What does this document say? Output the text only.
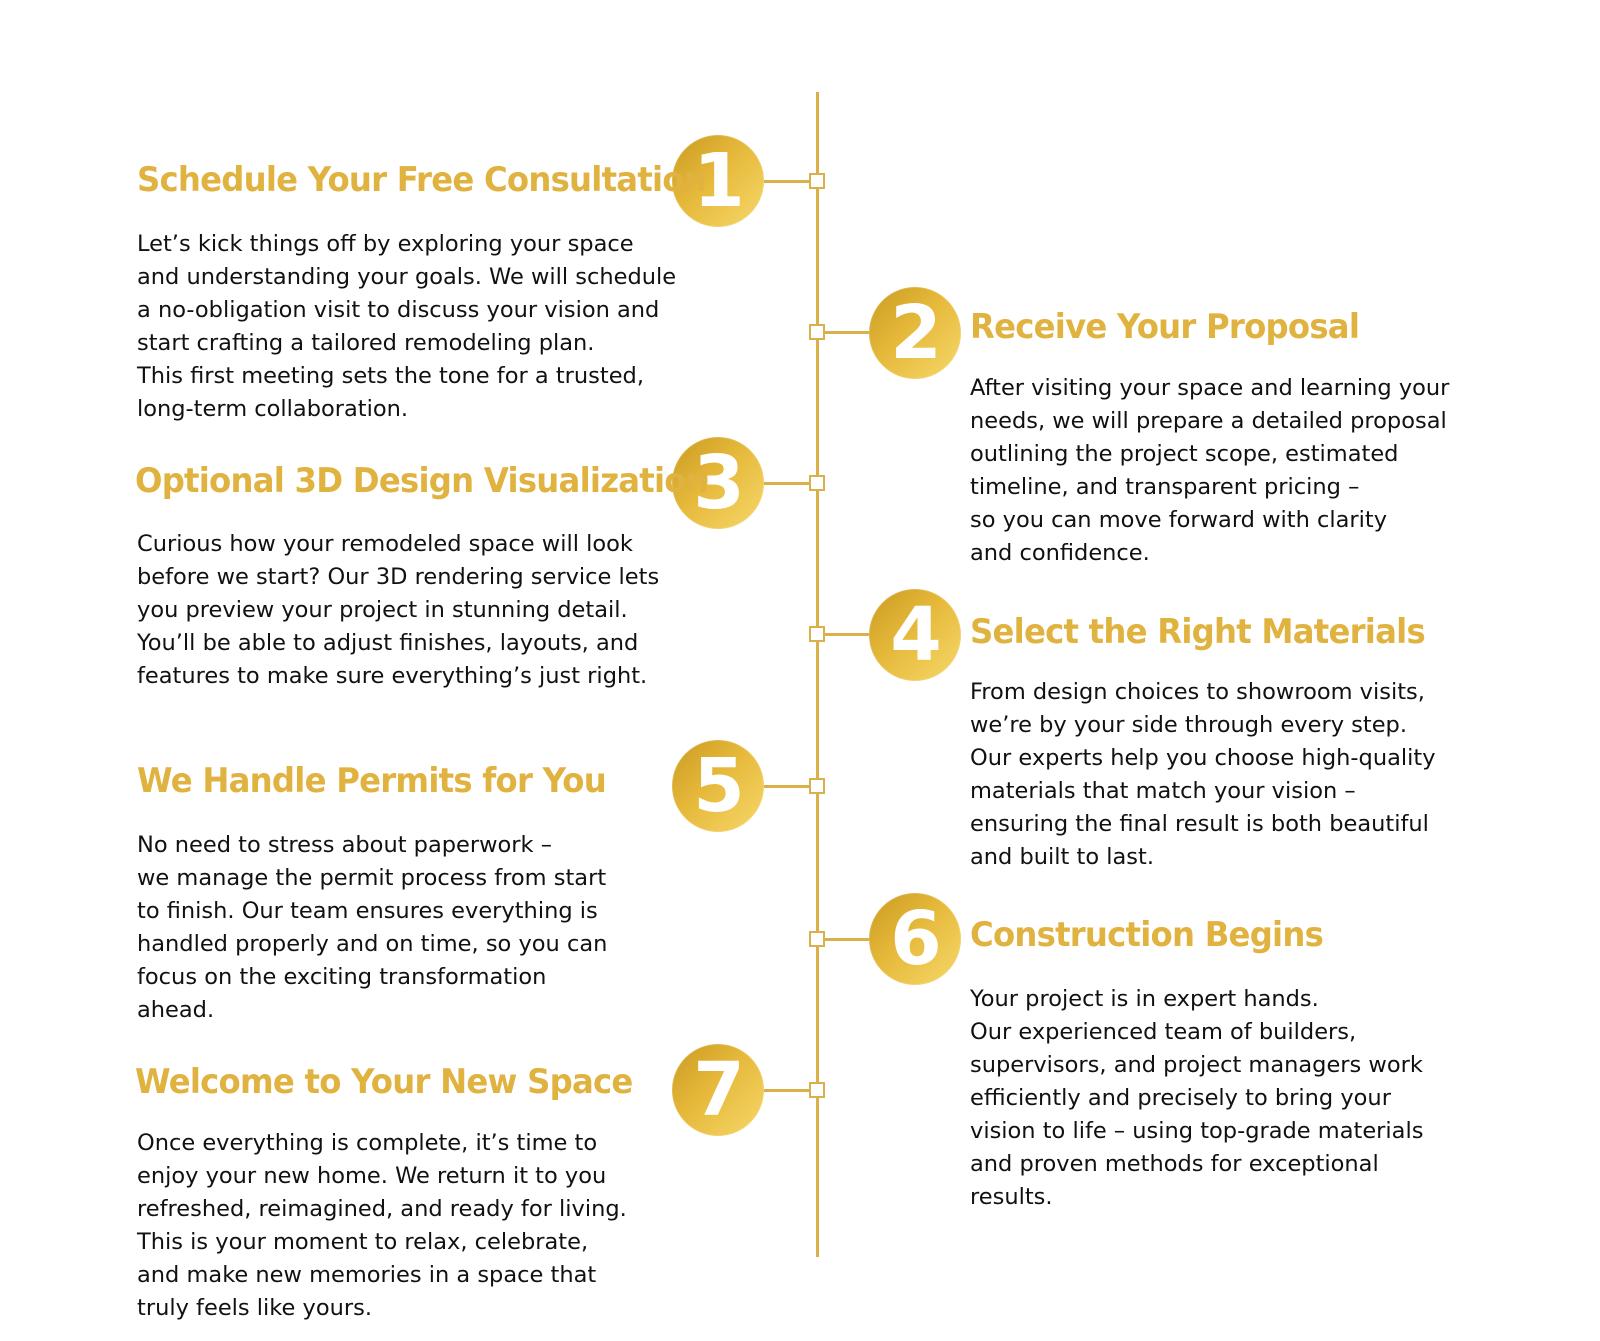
1
Schedule Your Free Consultation
Let’s kick things off by exploring your space
and understanding your goals. We will schedule
a no-obligation visit to discuss your vision and
start crafting a tailored remodeling plan.
This first meeting sets the tone for a trusted,
long-term collaboration.
2 Receive Your Proposal
After visiting your space and learning your
needs, we will prepare a detailed proposal
outlining the project scope, estimated
timeline, and transparent pricing –
so you can move forward with clarity
and confidence.
3
Optional 3D Design Visualization
Curious how your remodeled space will look
before we start? Our 3D rendering service lets
you preview your project in stunning detail.
You’ll be able to adjust finishes, layouts, and
features to make sure everything’s just right.	4 Select the Right Materials
From design choices to showroom visits,
we’re by your side through every step.
Our experts help you choose high-quality
materials that match your vision –
ensuring the final result is both beautiful
and built to last.
5
We Handle Permits for You
No need to stress about paperwork –
we manage the permit process from start
to finish. Our team ensures everything is
handled properly and on time, so you can
focus on the exciting transformation
ahead.
6 Construction Begins
Your project is in expert hands.
Our experienced team of builders,
supervisors, and project managers work
efficiently and precisely to bring your
vision to life – using top-grade materials
and proven methods for exceptional
results.
7
Welcome to Your New Space
Once everything is complete, it’s time to
enjoy your new home. We return it to you
refreshed, reimagined, and ready for living.
This is your moment to relax, celebrate,
and make new memories in a space that
truly feels like yours.
